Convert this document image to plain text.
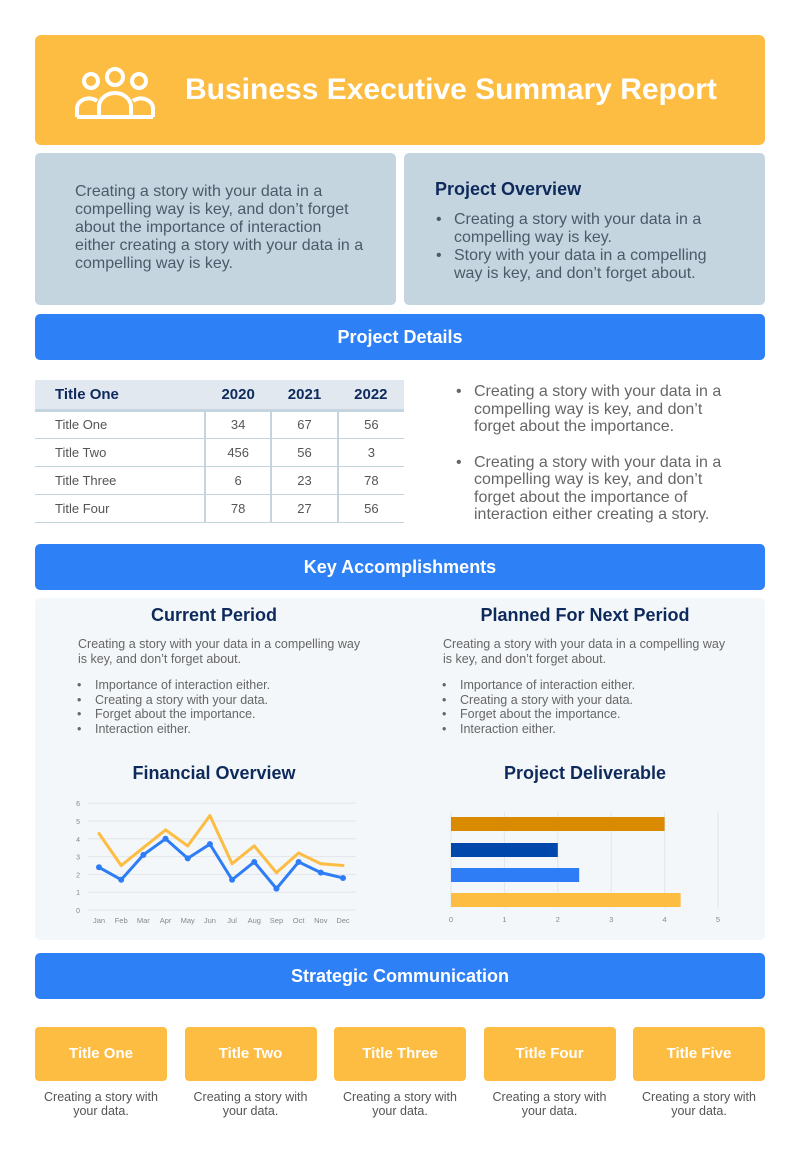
Business Executive Summary Report

Creating a story with your data in a compelling way is key, and don’t forget about the importance of interaction either creating a story with your data in a compelling way is key.

Project Overview
• Creating a story with your data in a compelling way is key.
• Story with your data in a compelling way is key, and don’t forget about.
Project Details
Title One	2020	2021	2022
Title One	34	67	56
Title Two	456	56	3
Title Three	6	23	78
Title Four	78	27	56
• Creating a story with your data in a compelling way is key, and don’t forget about the importance.
• Creating a story with your data in a compelling way is key, and don’t forget about the importance of interaction either creating a story.
Key Accomplishments
Current Period

Creating a story with your data in a compelling way is key, and don’t forget about.

• Importance of interaction either.
• Creating a story with your data.
• Forget about the importance.
• Interaction either.
Planned For Next Period

Creating a story with your data in a compelling way is key, and don’t forget about.

• Importance of interaction either.
• Creating a story with your data.
• Forget about the importance.
• Interaction either.
Financial Overview	Project Deliverable
0
1
2
3
4
5
6
Jan Feb Mar Apr May Jun Jul Aug Sep Oct Nov Dec	0	1	2	3	4	5
Strategic Communication
Title One
Creating a story with your data.
Title Two
Creating a story with your data.
Title Three
Creating a story with your data.
Title Four
Creating a story with your data.
Title Five
Creating a story with your data.
